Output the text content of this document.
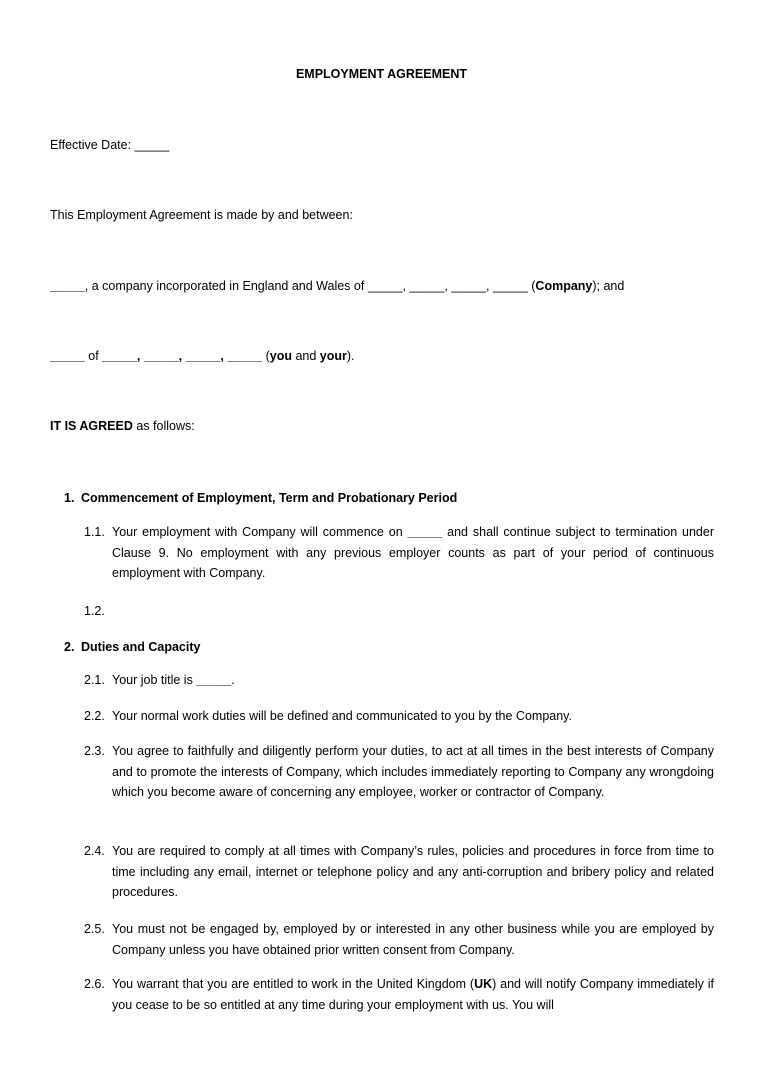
EMPLOYMENT AGREEMENT
Effective Date: _____
This Employment Agreement is made by and between:
_____, a company incorporated in England and Wales of _____, _____, _____, _____ (Company); and
_____ of _____, _____, _____, _____ (you and your).
IT IS AGREED as follows:
1. Commencement of Employment, Term and Probationary Period
1.1. Your employment with Company will commence on _____ and shall continue subject to termination under Clause 9. No employment with any previous employer counts as part of your period of continuous employment with Company.
1.2.
2. Duties and Capacity
2.1. Your job title is _____.
2.2. Your normal work duties will be defined and communicated to you by the Company.
2.3. You agree to faithfully and diligently perform your duties, to act at all times in the best interests of Company and to promote the interests of Company, which includes immediately reporting to Company any wrongdoing which you become aware of concerning any employee, worker or contractor of Company.
2.4. You are required to comply at all times with Company’s rules, policies and procedures in force from time to time including any email, internet or telephone policy and any anti-corruption and bribery policy and related procedures.
2.5. You must not be engaged by, employed by or interested in any other business while you are employed by Company unless you have obtained prior written consent from Company.
2.6. You warrant that you are entitled to work in the United Kingdom (UK) and will notify Company immediately if you cease to be so entitled at any time during your employment with us. You will
